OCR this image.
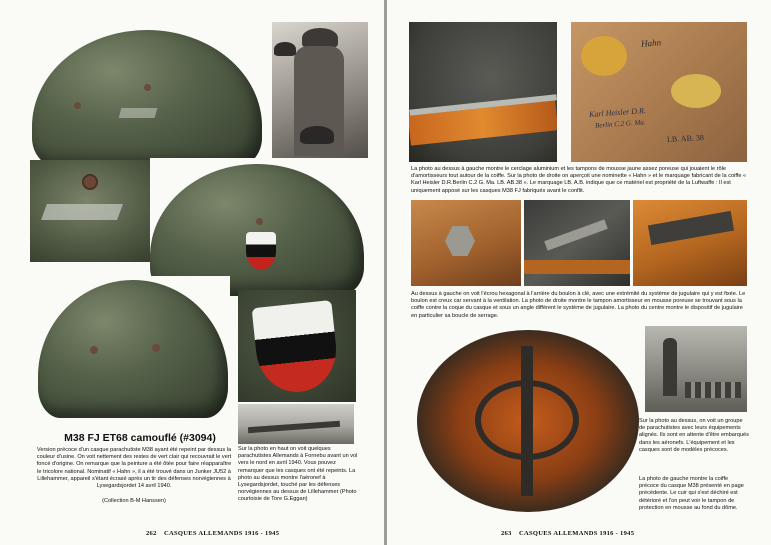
M38 FJ ET68 camouflé (#3094)
Version précoce d'un casque parachutiste M38 ayant été repeint par dessus la couleur d'usine. On voit nettement des restes de vert clair qui recouvrait le vert foncé d'origine. On remarque que la peinture a été ôtée pour faire réapparaître le tricolore national. Nominatif « Hahn », il a été trouvé dans un Junker JU52 à Lillehammer, appareil s'étant écrasé après un tir des défenses norvégiennes à Lysegardsjordet 14 avril 1940.
(Collection B-M Hanssen)
Sur la photo en haut on voit quelques parachutistes Allemands à Fornebu avant un vol vers le nord en avril 1940. Vous pouvez remarquer que les casques ont été repeints. La photo au dessus montre l'aéronef à Lysegardsjordet, touché par les défenses norvégiennes au dessus de Lillehammer (Photo courtoisie de Tore G.Eggan)
262 CASQUES ALLEMANDS 1916 - 1945
Hahn
Karl Heisler D.R.
Berlin C.2 G. Ma.
LB. AB. 38
La photo au dessus à gauche montre le cerclage aluminium et les tampons de mousse jaune assez poreuse qui jouaient le rôle d'amortisseurs tout autour de la coiffe. Sur la photo de droite on aperçoit une nominette « Hahn » et le marquage fabricant de la coiffe « Karl Heisler D.R.Berlin C.2 G. Ma. LB. AB.38 ». Le marquage LB. A.B. indique que ce matériel est propriété de la Luftwaffe : Il est uniquement apposé sur les casques M38 FJ fabriqués avant le conflit.
Au dessus à gauche on voit l'écrou hexagonal à l'arrière du boulon à clé, avec une extrémité du système de jugulaire qui y est fixée. Le boulon est creux car servant à la ventilation. La photo de droite montre le tampon amortisseur en mousse poreuse se trouvant sous la coiffe contre la coque du casque et sous un angle différent le système de jugulaire. La photo du centre montre le dispositif de jugulaire en particulier sa boucle de serrage.
Sur la photo au dessus, on voit un groupe de parachutistes avec leurs équipements alignés. Ils sont en attente d'être embarqués dans les aéronefs. L'équipement et les casques sont de modèles précoces.
La photo de gauche montre la coiffe précoce du casque M38 présenté en page précédente. Le cuir qui s'est déchiré est détérioré et l'on peut voir le tampon de protection en mousse au fond du dôme.
263 CASQUES ALLEMANDS 1916 - 1945
